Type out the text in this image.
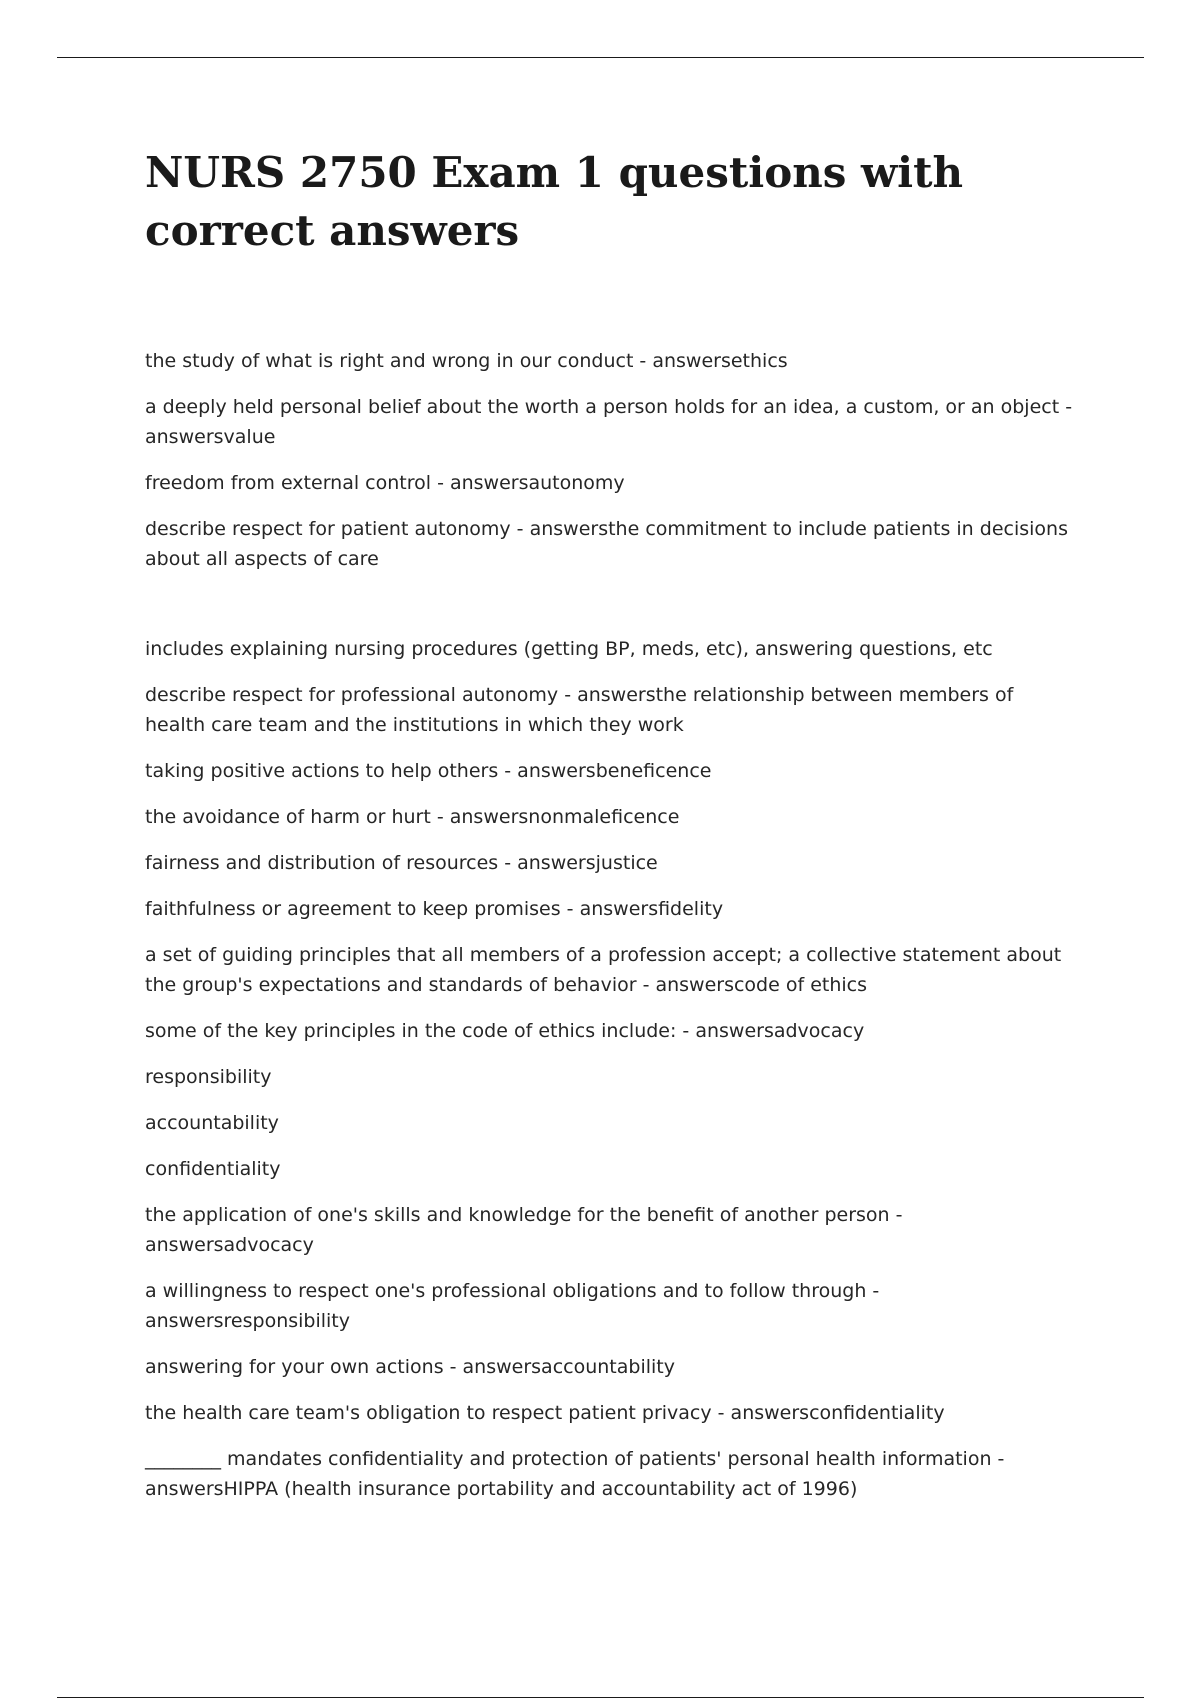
NURS 2750 Exam 1 questions with correct answers

the study of what is right and wrong in our conduct - answersethics

a deeply held personal belief about the worth a person holds for an idea, a custom, or an object - answersvalue

freedom from external control - answersautonomy

describe respect for patient autonomy - answersthe commitment to include patients in decisions about all aspects of care

includes explaining nursing procedures (getting BP, meds, etc), answering questions, etc

describe respect for professional autonomy - answersthe relationship between members of health care team and the institutions in which they work

taking positive actions to help others - answersbeneficence

the avoidance of harm or hurt - answersnonmaleficence

fairness and distribution of resources - answersjustice

faithfulness or agreement to keep promises - answersfidelity

a set of guiding principles that all members of a profession accept; a collective statement about the group's expectations and standards of behavior - answerscode of ethics

some of the key principles in the code of ethics include: - answersadvocacy

responsibility

accountability

confidentiality

the application of one's skills and knowledge for the benefit of another person - answersadvocacy

a willingness to respect one's professional obligations and to follow through - answersresponsibility

answering for your own actions - answersaccountability

the health care team's obligation to respect patient privacy - answersconfidentiality

________ mandates confidentiality and protection of patients' personal health information - answersHIPPA (health insurance portability and accountability act of 1996)
